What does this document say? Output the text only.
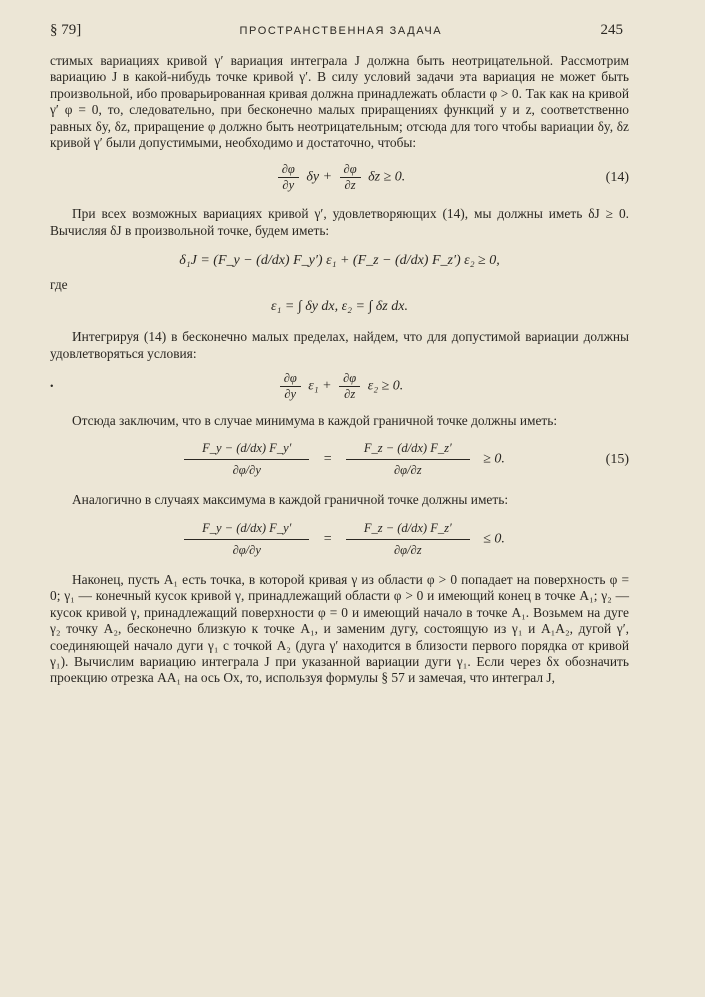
§ 79]	ПРОСТРАНСТВЕННАЯ ЗАДАЧА	245

стимых вариациях кривой γ′ вариация интеграла J должна быть неотрицательной. Рассмотрим вариацию J в какой-нибудь точке кривой γ′. В силу условий задачи эта вариация не может быть произвольной, ибо проварьированная кривая должна принадлежать области φ > 0. Так как на кривой γ′ φ = 0, то, следовательно, при бесконечно малых приращениях функций y и z, соответственно равных δy, δz, приращение φ должно быть неотрицательным; отсюда для того чтобы вариации δy, δz кривой γ′ были допустимыми, необходимо и достаточно, чтобы:

$\frac{\partial\varphi}{\partial y}$ $\delta y + \frac{\partial\varphi}{\partial z}$ δz ≥ 0.	(14)

При всех возможных вариациях кривой γ′, удовлетворяющих (14), мы должны иметь δJ ≥ 0. Вычисляя δJ в произвольной точке, будем иметь:

δ₁J = (F_y − (d/dx) F_y′) ε₁ + (F_z − (d/dx) F_z′) ε₂ ≥ 0,

где

ε₁ = ∫ δy dx, ε₂ = ∫ δz dx.

Интегрируя (14) в бесконечно малых пределах, найдем, что для допустимой вариации должны удовлетворяться условия:

•	$\frac{\partial\varphi}{\partial y} \varepsilon_1 + \frac{\partial\varphi}{\partial z} \varepsilon_2 \ge 0$.

Отсюда заключим, что в случае минимума в каждой граничной точке должны иметь:

$\frac{F\_y - (d/dx) F\_y'}{\partial\varphi/\partial y} = \frac{F\_z - (d/dx) F\_z'}{\partial\varphi/\partial z} \ge 0$.	(15)

Аналогично в случаях максимума в каждой граничной точке должны иметь:

$\frac{F\_y - (d/dx) F\_y'}{\partial\varphi/\partial y} = \frac{F\_z - (d/dx) F\_z'}{\partial\varphi/\partial z} \le 0$.

Наконец, пусть A₁ есть точка, в которой кривая γ из области φ > 0 попадает на поверхность φ = 0; γ₁ — конечный кусок кривой γ, принадлежащий области φ > 0 и имеющий конец в точке A₁; γ₂ — кусок кривой γ, принадлежащий поверхности φ = 0 и имеющий начало в точке A₁. Возьмем на дуге γ₂ точку A₂, бесконечно близкую к точке A₁, и заменим дугу, состоящую из γ₁ и A₁A₂, дугой γ′, соединяющей начало дуги γ₁ с точкой A₂ (дуга γ′ находится в близости первого порядка от кривой γ₁). Вычислим вариацию интеграла J при указанной вариации дуги γ₁. Если через δx обозначить проекцию отрезка AA₁ на ось Ox, то, используя формулы § 57 и замечая, что интеграл J,
